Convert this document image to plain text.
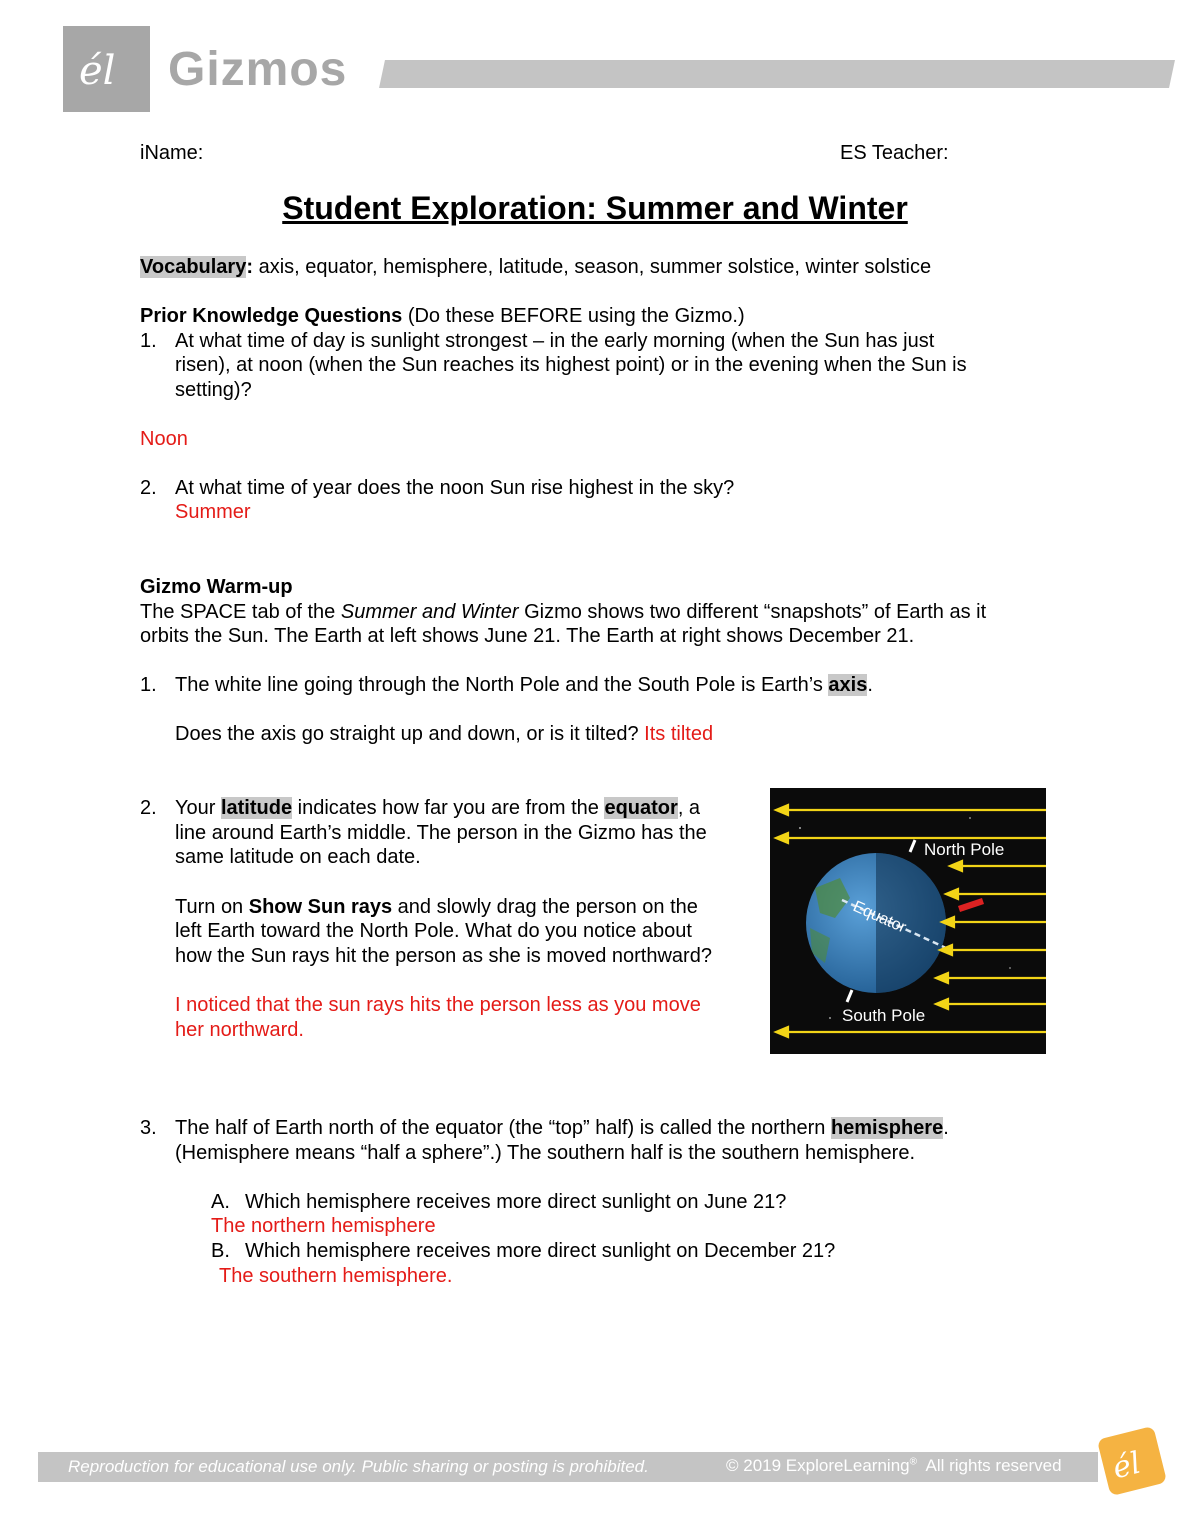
él Gizmos
iName:	ES Teacher:
Student Exploration: Summer and Winter
Vocabulary: axis, equator, hemisphere, latitude, season, summer solstice, winter solstice
Prior Knowledge Questions (Do these BEFORE using the Gizmo.)
1. At what time of day is sunlight strongest – in the early morning (when the Sun has just
risen), at noon (when the Sun reaches its highest point) or in the evening when the Sun is
setting)?
Noon
2. At what time of year does the noon Sun rise highest in the sky?
Summer
Gizmo Warm-up
The SPACE tab of the Summer and Winter Gizmo shows two different “snapshots” of Earth as it
orbits the Sun. The Earth at left shows June 21. The Earth at right shows December 21.
1. The white line going through the North Pole and the South Pole is Earth’s axis.
Does the axis go straight up and down, or is it tilted? Its tilted
2. Your latitude indicates how far you are from the equator, a
line around Earth’s middle. The person in the Gizmo has the
same latitude on each date.
Turn on Show Sun rays and slowly drag the person on the
left Earth toward the North Pole. What do you notice about
how the Sun rays hit the person as she is moved northward?
I noticed that the sun rays hits the person less as you move
her northward.
North Pole
South Pole
Equator
3. The half of Earth north of the equator (the “top” half) is called the northern hemisphere.
(Hemisphere means “half a sphere”.) The southern half is the southern hemisphere.
A. Which hemisphere receives more direct sunlight on June 21?
The northern hemisphere
B. Which hemisphere receives more direct sunlight on December 21?
The southern hemisphere.
Reproduction for educational use only. Public sharing or posting is prohibited.	© 2019 ExploreLearning®  All rights reserved él
